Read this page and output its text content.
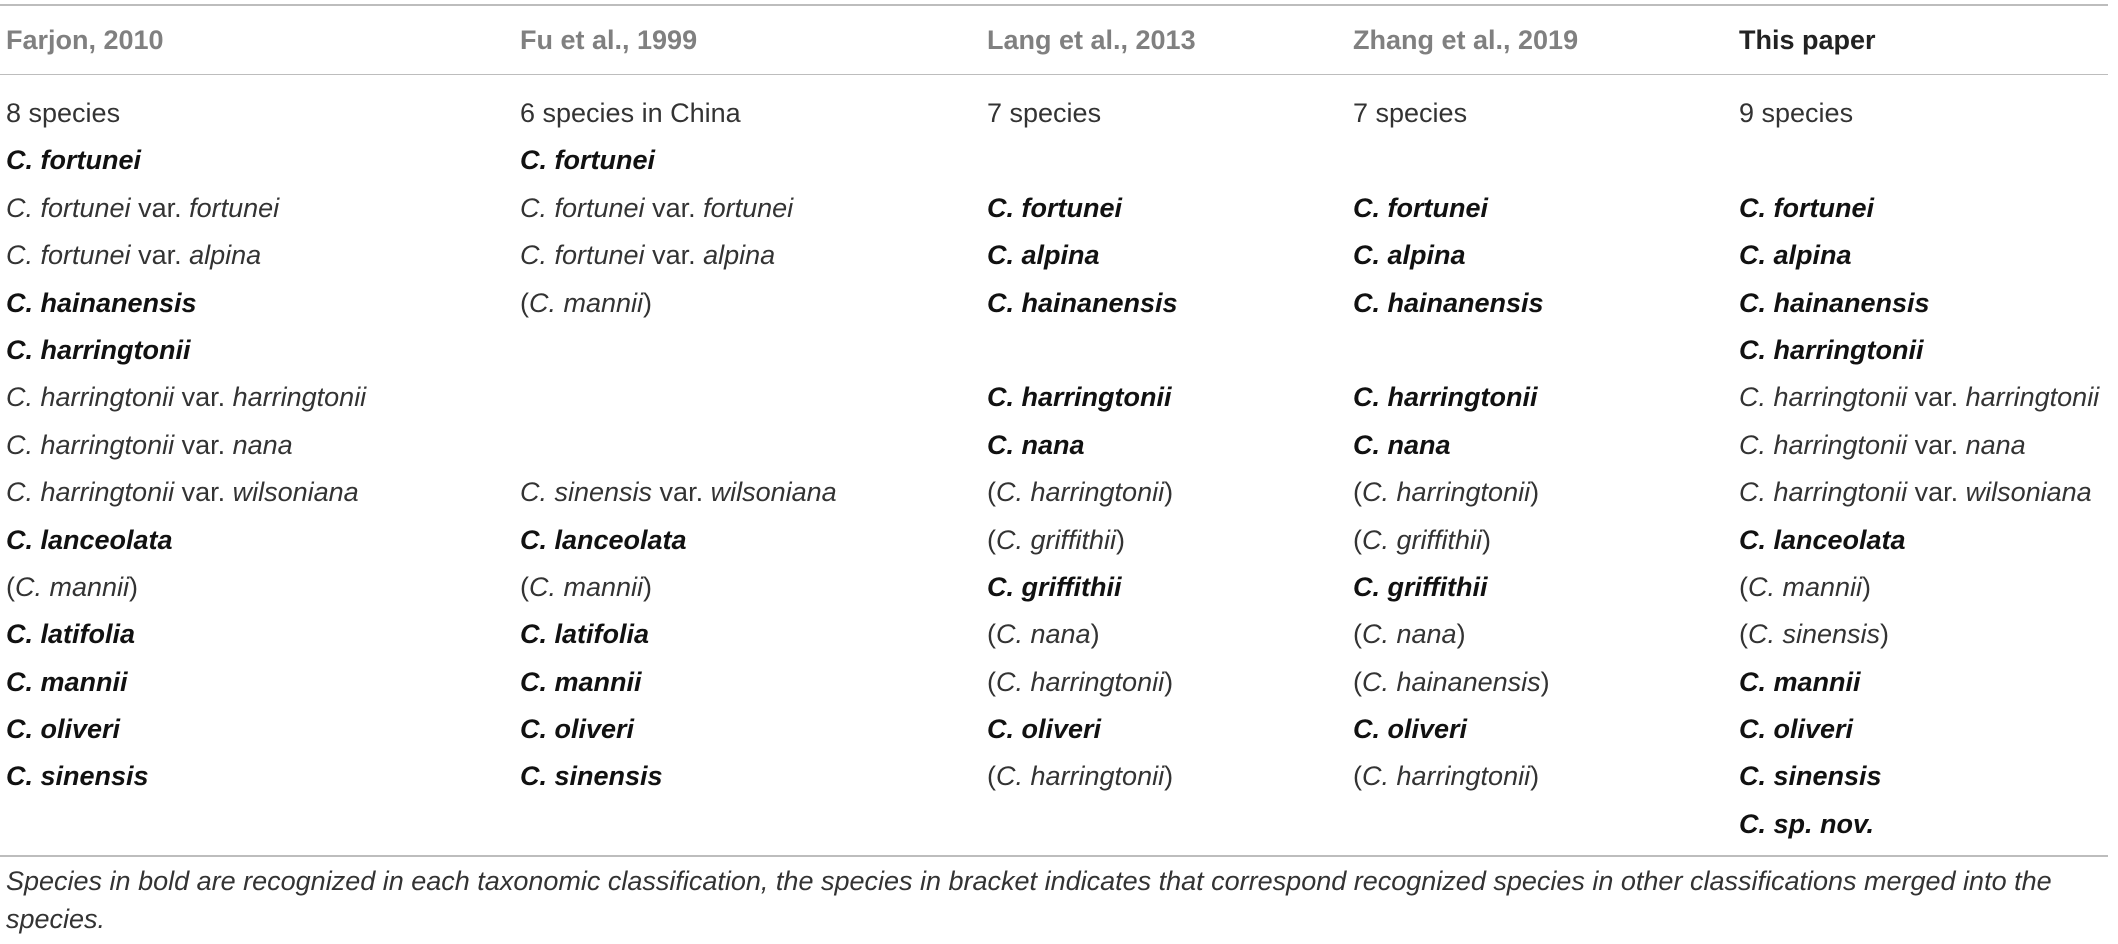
Farjon, 2010
8 species
C. fortunei
C. fortunei var. fortunei
C. fortunei var. alpina
C. hainanensis
C. harringtonii
C. harringtonii var. harringtonii
C. harringtonii var. nana
C. harringtonii var. wilsoniana
C. lanceolata
(C. mannii)
C. latifolia
C. mannii
C. oliveri
C. sinensis
Fu et al., 1999
6 species in China
C. fortunei
C. fortunei var. fortunei
C. fortunei var. alpina
(C. mannii)
C. sinensis var. wilsoniana
C. lanceolata
(C. mannii)
C. latifolia
C. mannii
C. oliveri
C. sinensis
Lang et al., 2013
7 species
C. fortunei
C. alpina
C. hainanensis
C. harringtonii
C. nana
(C. harringtonii)
(C. griffithii)
C. griffithii
(C. nana)
(C. harringtonii)
C. oliveri
(C. harringtonii)
Zhang et al., 2019
7 species
C. fortunei
C. alpina
C. hainanensis
C. harringtonii
C. nana
(C. harringtonii)
(C. griffithii)
C. griffithii
(C. nana)
(C. hainanensis)
C. oliveri
(C. harringtonii)
This paper
9 species
C. fortunei
C. alpina
C. hainanensis
C. harringtonii
C. harringtonii var. harringtonii
C. harringtonii var. nana
C. harringtonii var. wilsoniana
C. lanceolata
(C. mannii)
(C. sinensis)
C. mannii
C. oliveri
C. sinensis
C. sp. nov.
Species in bold are recognized in each taxonomic classification, the species in bracket indicates that correspond recognized species in other classifications merged into the species.
